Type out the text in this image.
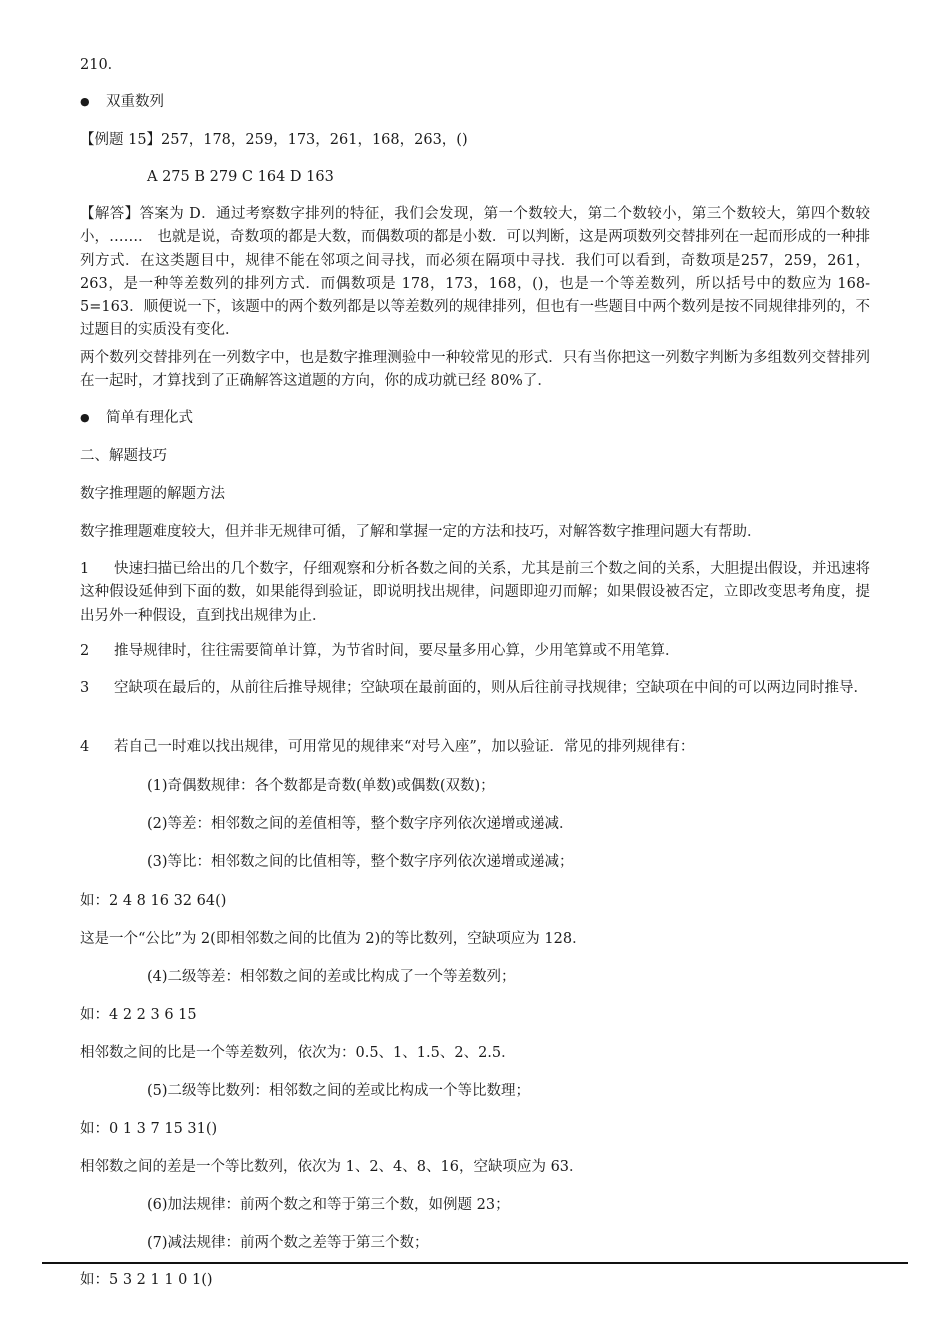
210．
● 双重数列
【例题 15】257，178，259，173，261，168，263，()
A 275 B 279 C 164 D 163
【解答】答案为 D．通过考察数字排列的特征，我们会发现，第一个数较大，第二个数较小，第三个数较大，第四个数较小，……． 也就是说，奇数项的都是大数，而偶数项的都是小数．可以判断，这是两项数列交替排列在一起而形成的一种排列方式．在这类题目中，规律不能在邻项之间寻找，而必须在隔项中寻找．我们可以看到，奇数项是257，259，261，263，是一种等差数列的排列方式．而偶数项是 178，173，168，()，也是一个等差数列，所以括号中的数应为 168-5=163．顺便说一下，该题中的两个数列都是以等差数列的规律排列，但也有一些题目中两个数列是按不同规律排列的，不过题目的实质没有变化．
两个数列交替排列在一列数字中，也是数字推理测验中一种较常见的形式．只有当你把这一列数字判断为多组数列交替排列在一起时，才算找到了正确解答这道题的方向，你的成功就已经 80%了．
● 简单有理化式
二、解题技巧
数字推理题的解题方法
数字推理题难度较大，但并非无规律可循，了解和掌握一定的方法和技巧，对解答数字推理问题大有帮助．
1 快速扫描已给出的几个数字，仔细观察和分析各数之间的关系，尤其是前三个数之间的关系，大胆提出假设，并迅速将这种假设延伸到下面的数，如果能得到验证，即说明找出规律，问题即迎刃而解；如果假设被否定，立即改变思考角度，提出另外一种假设，直到找出规律为止．
2 推导规律时，往往需要简单计算，为节省时间，要尽量多用心算，少用笔算或不用笔算．
3 空缺项在最后的，从前往后推导规律；空缺项在最前面的，则从后往前寻找规律；空缺项在中间的可以两边同时推导．
4 若自己一时难以找出规律，可用常见的规律来“对号入座”，加以验证．常见的排列规律有：
(1)奇偶数规律：各个数都是奇数(单数)或偶数(双数)；
(2)等差：相邻数之间的差值相等，整个数字序列依次递增或递减．
(3)等比：相邻数之间的比值相等，整个数字序列依次递增或递减；
如：2 4 8 16 32 64()
这是一个“公比”为 2(即相邻数之间的比值为 2)的等比数列，空缺项应为 128．
(4)二级等差：相邻数之间的差或比构成了一个等差数列；
如：4 2 2 3 6 15
相邻数之间的比是一个等差数列，依次为：0.5、1、1.5、2、2.5．
(5)二级等比数列：相邻数之间的差或比构成一个等比数理；
如：0 1 3 7 15 31()
相邻数之间的差是一个等比数列，依次为 1、2、4、8、16，空缺项应为 63．
(6)加法规律：前两个数之和等于第三个数，如例题 23；
(7)减法规律：前两个数之差等于第三个数；
如：5 3 2 1 1 0 1()
